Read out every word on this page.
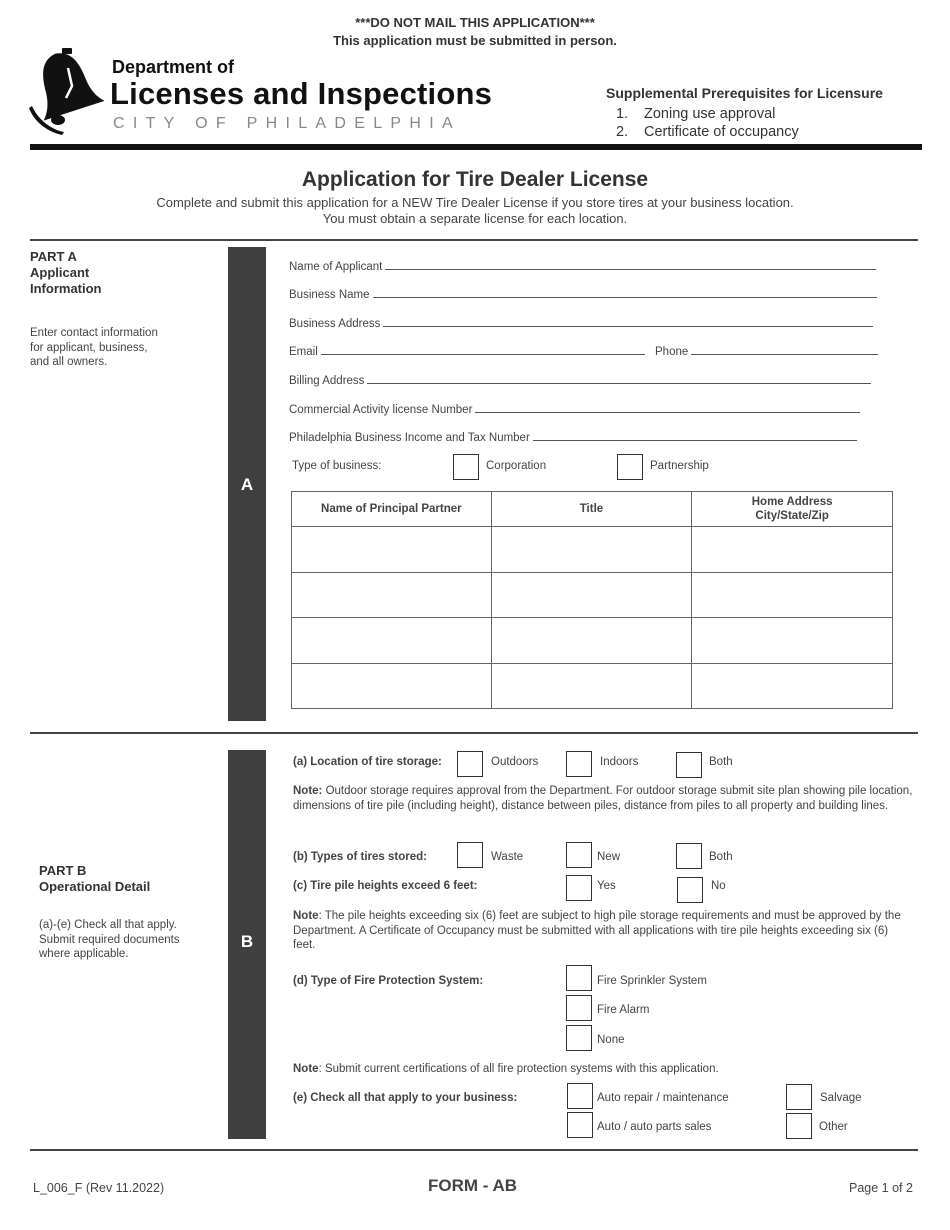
***DO NOT MAIL THIS APPLICATION***
This application must be submitted in person.
Department of
Licenses and Inspections
CITY OF PHILADELPHIA
Supplemental Prerequisites for Licensure
1. Zoning use approval
2. Certificate of occupancy
Application for Tire Dealer License
Complete and submit this application for a NEW Tire Dealer License if you store tires at your business location.
You must obtain a separate license for each location.
PART A
Applicant
Information
Enter contact information
for applicant, business,
and all owners.
A
Name of Applicant
Business Name
Business Address
Email	Phone
Billing Address
Commercial Activity license Number
Philadelphia Business Income and Tax Number
Type of business:	Corporation	Partnership
Name of Principal Partner	Title	Home Address
City/State/Zip

PART B
Operational Detail
(a)-(e) Check all that apply.
Submit required documents
where applicable.
B
(a) Location of tire storage:	Outdoors	Indoors	Both
Note: Outdoor storage requires approval from the Department. For outdoor storage submit site plan showing pile location, dimensions of tire pile (including height), distance between piles, distance from piles to all property and building lines.
(b) Types of tires stored:	Waste	New	Both
(c) Tire pile heights exceed 6 feet:	Yes	No
Note: The pile heights exceeding six (6) feet are subject to high pile storage requirements and must be approved by the Department. A Certificate of Occupancy must be submitted with all applications with tire pile heights exceeding six (6) feet.
(d) Type of Fire Protection System:	Fire Sprinkler System
Fire Alarm
None
Note: Submit current certifications of all fire protection systems with this application.
(e) Check all that apply to your business:	Auto repair / maintenance	Salvage
Auto / auto parts sales	Other
L_006_F (Rev 11.2022)	FORM - AB	Page 1 of 2
